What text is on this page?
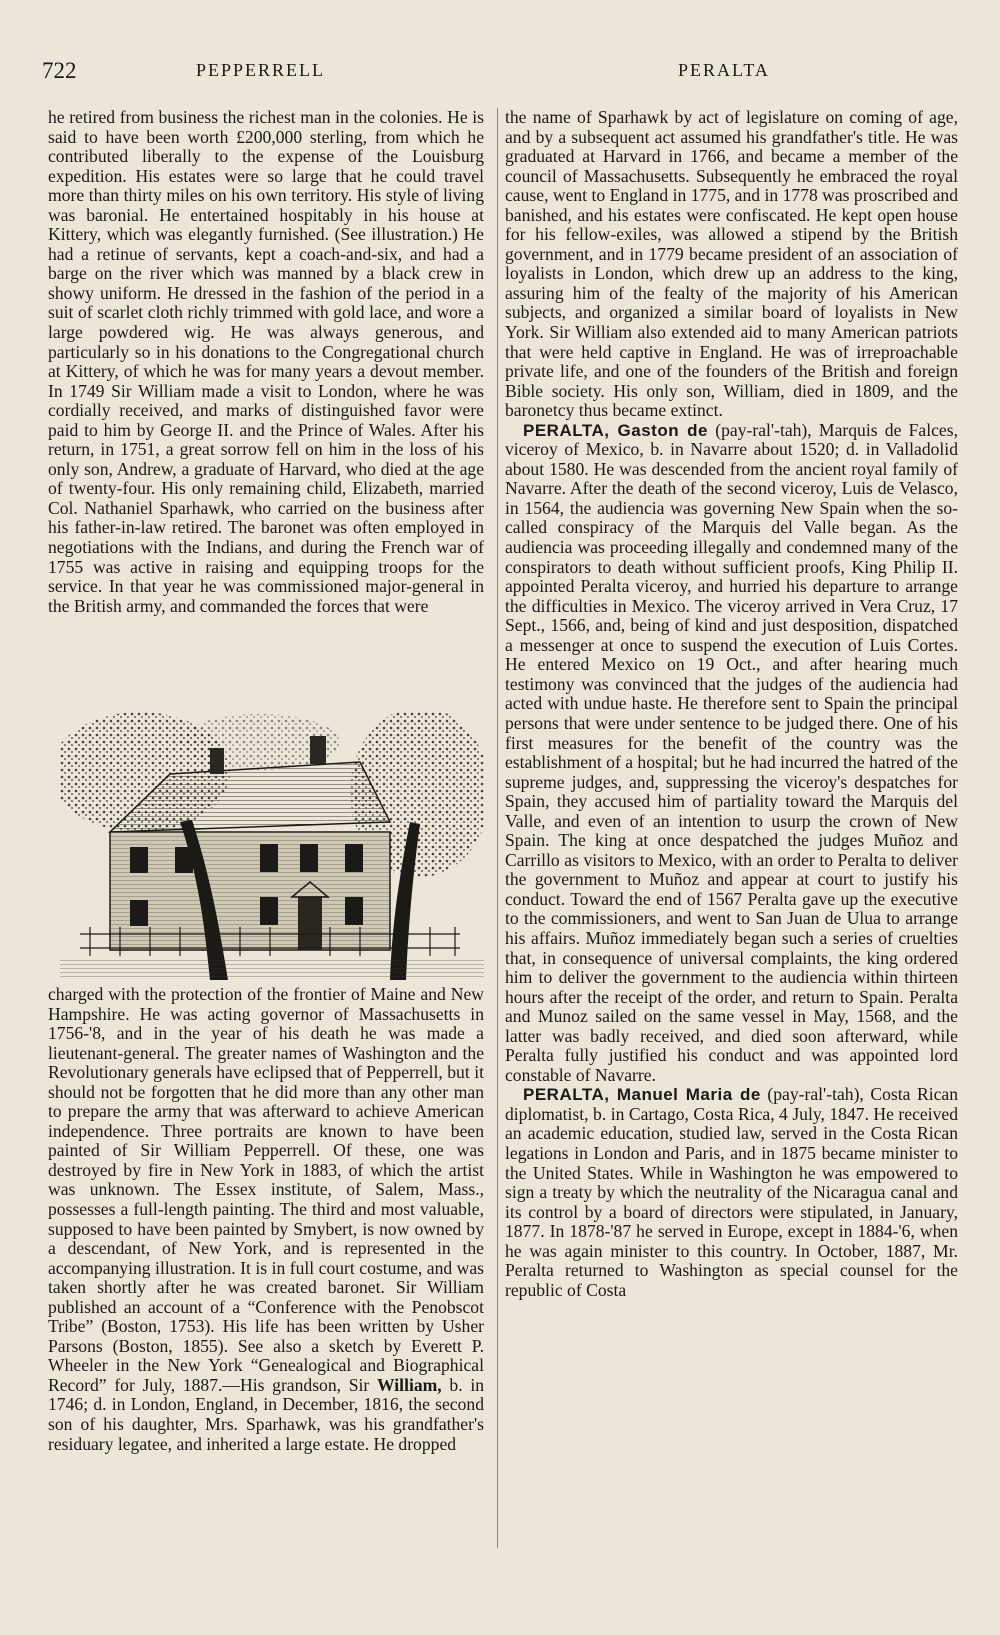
722	PEPPERRELL	PERALTA

he retired from business the richest man in the colonies. He is said to have been worth £200,000 sterling, from which he contributed liberally to the expense of the Louisburg expedition. His estates were so large that he could travel more than thirty miles on his own territory. His style of living was baronial. He entertained hospitably in his house at Kittery, which was elegantly furnished. (See illustration.) He had a retinue of servants, kept a coach-and-six, and had a barge on the river which was manned by a black crew in showy uniform. He dressed in the fashion of the period in a suit of scarlet cloth richly trimmed with gold lace, and wore a large powdered wig. He was always generous, and particularly so in his donations to the Congregational church at Kittery, of which he was for many years a devout member. In 1749 Sir William made a visit to London, where he was cordially received, and marks of distinguished favor were paid to him by George II. and the Prince of Wales. After his return, in 1751, a great sorrow fell on him in the loss of his only son, Andrew, a graduate of Harvard, who died at the age of twenty-four. His only remaining child, Elizabeth, married Col. Nathaniel Sparhawk, who carried on the business after his father-in-law retired. The baronet was often employed in negotiations with the Indians, and during the French war of 1755 was active in raising and equipping troops for the service. In that year he was commissioned major-general in the British army, and commanded the forces that were

charged with the protection of the frontier of Maine and New Hampshire. He was acting governor of Massachusetts in 1756-'8, and in the year of his death he was made a lieutenant-general. The greater names of Washington and the Revolutionary generals have eclipsed that of Pepperrell, but it should not be forgotten that he did more than any other man to prepare the army that was afterward to achieve American independence. Three portraits are known to have been painted of Sir William Pepperrell. Of these, one was destroyed by fire in New York in 1883, of which the artist was unknown. The Essex institute, of Salem, Mass., possesses a full-length painting. The third and most valuable, supposed to have been painted by Smybert, is now owned by a descendant, of New York, and is represented in the accompanying illustration. It is in full court costume, and was taken shortly after he was created baronet. Sir William published an account of a “Conference with the Penobscot Tribe” (Boston, 1753). His life has been written by Usher Parsons (Boston, 1855). See also a sketch by Everett P. Wheeler in the New York “Genealogical and Biographical Record” for July, 1887.—His grandson, Sir William, b. in 1746; d. in London, England, in December, 1816, the second son of his daughter, Mrs. Sparhawk, was his grandfather's residuary legatee, and inherited a large estate. He dropped

the name of Sparhawk by act of legislature on coming of age, and by a subsequent act assumed his grandfather's title. He was graduated at Harvard in 1766, and became a member of the council of Massachusetts. Subsequently he embraced the royal cause, went to England in 1775, and in 1778 was proscribed and banished, and his estates were confiscated. He kept open house for his fellow-exiles, was allowed a stipend by the British government, and in 1779 became president of an association of loyalists in London, which drew up an address to the king, assuring him of the fealty of the majority of his American subjects, and organized a similar board of loyalists in New York. Sir William also extended aid to many American patriots that were held captive in England. He was of irreproachable private life, and one of the founders of the British and foreign Bible society. His only son, William, died in 1809, and the baronetcy thus became extinct.

PERALTA, Gaston de (pay-ral'-tah), Marquis de Falces, viceroy of Mexico, b. in Navarre about 1520; d. in Valladolid about 1580. He was descended from the ancient royal family of Navarre. After the death of the second viceroy, Luis de Velasco, in 1564, the audiencia was governing New Spain when the so-called conspiracy of the Marquis del Valle began. As the audiencia was proceeding illegally and condemned many of the conspirators to death without sufficient proofs, King Philip II. appointed Peralta viceroy, and hurried his departure to arrange the difficulties in Mexico. The viceroy arrived in Vera Cruz, 17 Sept., 1566, and, being of kind and just desposition, dispatched a messenger at once to suspend the execution of Luis Cortes. He entered Mexico on 19 Oct., and after hearing much testimony was convinced that the judges of the audiencia had acted with undue haste. He therefore sent to Spain the principal persons that were under sentence to be judged there. One of his first measures for the benefit of the country was the establishment of a hospital; but he had incurred the hatred of the supreme judges, and, suppressing the viceroy's despatches for Spain, they accused him of partiality toward the Marquis del Valle, and even of an intention to usurp the crown of New Spain. The king at once despatched the judges Muñoz and Carrillo as visitors to Mexico, with an order to Peralta to deliver the government to Muñoz and appear at court to justify his conduct. Toward the end of 1567 Peralta gave up the executive to the commissioners, and went to San Juan de Ulua to arrange his affairs. Muñoz immediately began such a series of cruelties that, in consequence of universal complaints, the king ordered him to deliver the government to the audiencia within thirteen hours after the receipt of the order, and return to Spain. Peralta and Munoz sailed on the same vessel in May, 1568, and the latter was badly received, and died soon afterward, while Peralta fully justified his conduct and was appointed lord constable of Navarre.

PERALTA, Manuel Maria de (pay-ral'-tah), Costa Rican diplomatist, b. in Cartago, Costa Rica, 4 July, 1847. He received an academic education, studied law, served in the Costa Rican legations in London and Paris, and in 1875 became minister to the United States. While in Washington he was empowered to sign a treaty by which the neutrality of the Nicaragua canal and its control by a board of directors were stipulated, in January, 1877. In 1878-'87 he served in Europe, except in 1884-'6, when he was again minister to this country. In October, 1887, Mr. Peralta returned to Washington as special counsel for the republic of Costa
